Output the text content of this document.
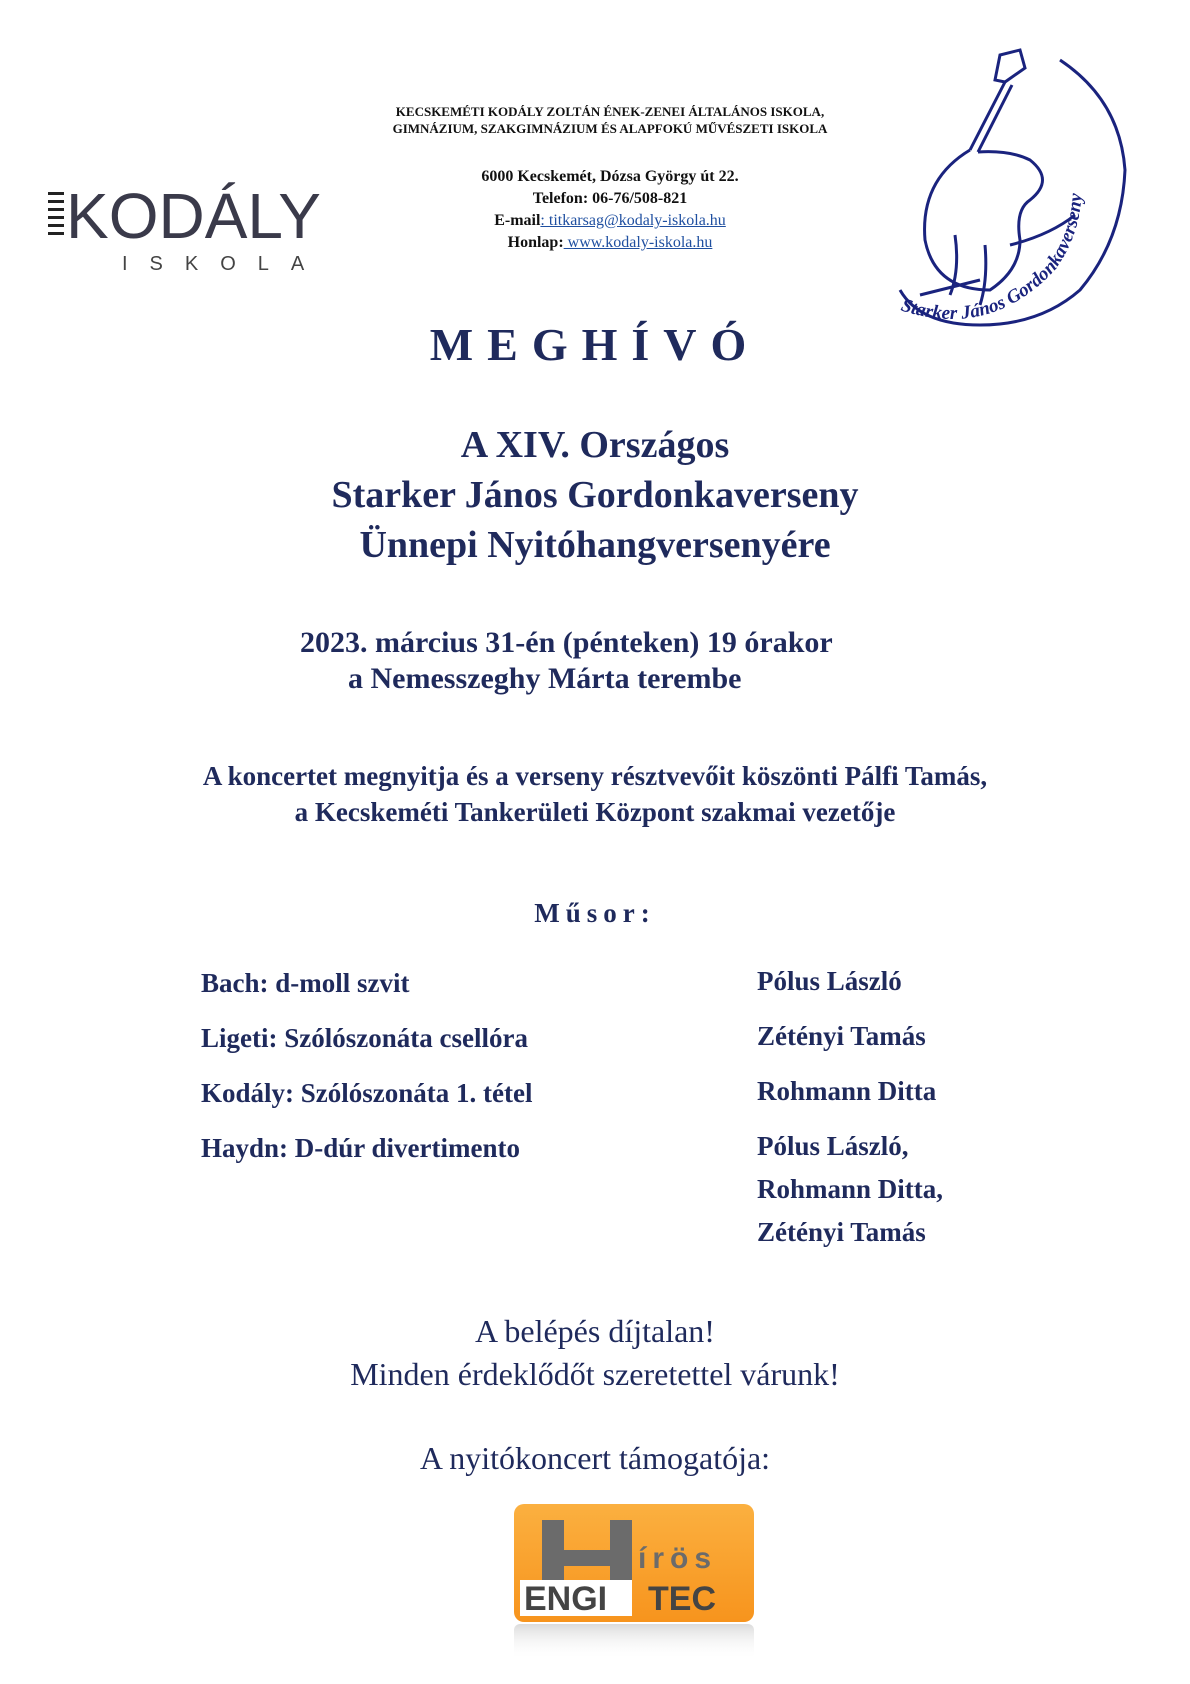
KECSKEMÉTI KODÁLY ZOLTÁN ÉNEK-ZENEI ÁLTALÁNOS ISKOLA,
GIMNÁZIUM, SZAKGIMNÁZIUM ÉS ALAPFOKÚ MŰVÉSZETI ISKOLA
6000 Kecskemét, Dózsa György út 22.
Telefon: 06-76/508-821
E-mail: titkarsag@kodaly-iskola.hu
Honlap: www.kodaly-iskola.hu
KODÁLY
ISKOLA
Starker János Gordonkaverseny
MEGHÍVÓ
A XIV. Országos
Starker János Gordonkaverseny
Ünnepi Nyitóhangversenyére
2023. március 31-én (pénteken) 19 órakor
a Nemesszeghy Márta terembe
A koncertet megnyitja és a verseny résztvevőit köszönti Pálfi Tamás,
a Kecskeméti Tankerületi Központ szakmai vezetője
Műsor:
Bach: d-moll szvit	Pólus László
Ligeti: Szólószonáta csellóra	Zétényi Tamás
Kodály: Szólószonáta 1. tétel	Rohmann Ditta
Haydn: D-dúr divertimento	Pólus László,
Rohmann Ditta,
Zétényi Tamás
A belépés díjtalan!
Minden érdeklődőt szeretettel várunk!
A nyitókoncert támogatója:
írös
ENGI TEC
